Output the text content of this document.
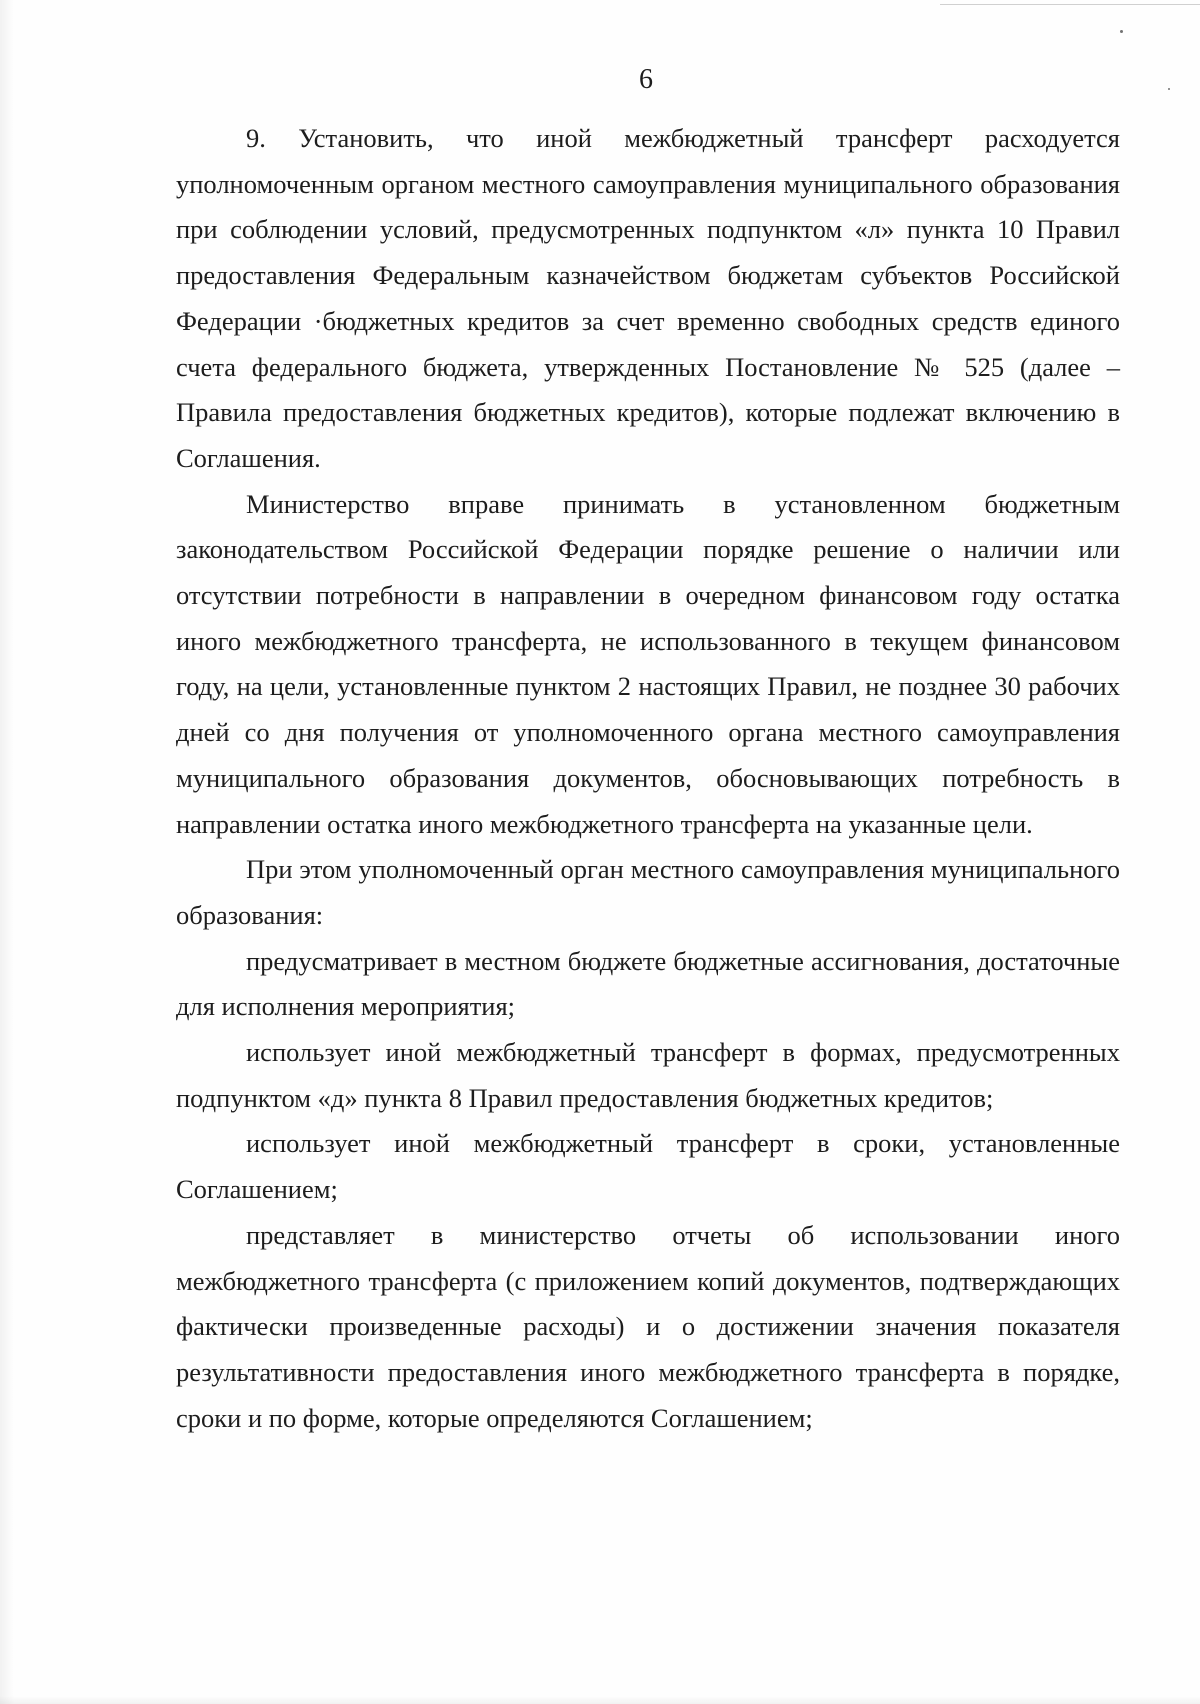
6

9. Установить, что иной межбюджетный трансферт расходуется уполномоченным органом местного самоуправления муниципального образования при соблюдении условий, предусмотренных подпунктом «л» пункта 10 Правил предоставления Федеральным казначейством бюджетам субъектов Российской Федерации ·бюджетных кредитов за счет временно свободных средств единого счета федерального бюджета, утвержденных Постановление № 525 (далее – Правила предоставления бюджетных кредитов), которые подлежат включению в Соглашения.

Министерство вправе принимать в установленном бюджетным законодательством Российской Федерации порядке решение о наличии или отсутствии потребности в направлении в очередном финансовом году остатка иного межбюджетного трансферта, не использованного в текущем финансовом году, на цели, установленные пунктом 2 настоящих Правил, не позднее 30 рабочих дней со дня получения от уполномоченного органа местного самоуправления муниципального образования документов, обосновывающих потребность в направлении остатка иного межбюджетного трансферта на указанные цели.

При этом уполномоченный орган местного самоуправления муниципального образования:

предусматривает в местном бюджете бюджетные ассигнования, достаточные для исполнения мероприятия;

использует иной межбюджетный трансферт в формах, предусмотренных подпунктом «д» пункта 8 Правил предоставления бюджетных кредитов;

использует иной межбюджетный трансферт в сроки, установленные Соглашением;

представляет в министерство отчеты об использовании иного межбюджетного трансферта (с приложением копий документов, подтверждающих фактически произведенные расходы) и о достижении значения показателя результативности предоставления иного межбюджетного трансферта в порядке, сроки и по форме, которые определяются Соглашением;
